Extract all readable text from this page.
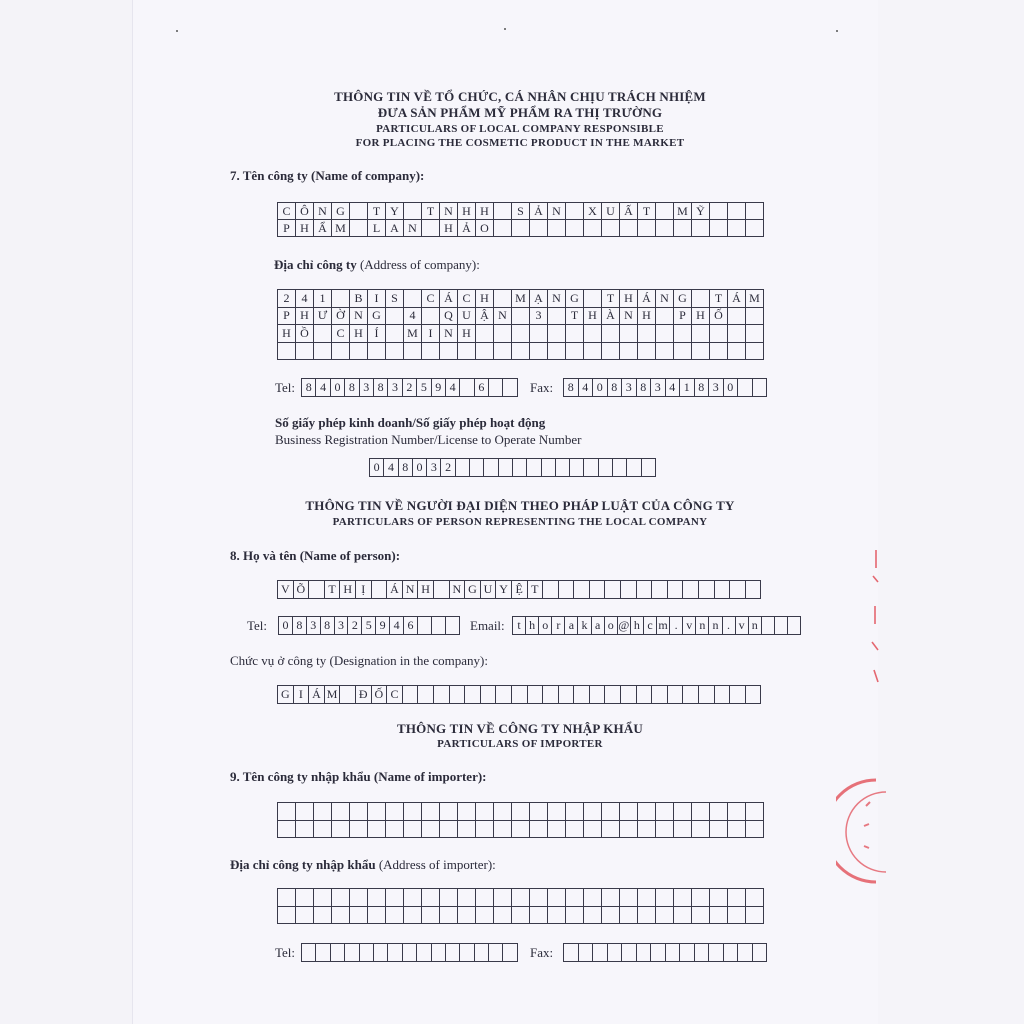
THÔNG TIN VỀ TỔ CHỨC, CÁ NHÂN CHỊU TRÁCH NHIỆM
ĐƯA SẢN PHẨM MỸ PHẨM RA THỊ TRƯỜNG
PARTICULARS OF LOCAL COMPANY RESPONSIBLE
FOR PLACING THE COSMETIC PRODUCT IN THE MARKET
7. Tên công ty (Name of company):
C Ô N G	T Y	T N H H	S Ả N	X U Ấ T	M Ỹ
P H Ẩ M	L A N	H Ả O
Địa chỉ công ty (Address of company):
2	4	1	B	I	S	C Á C H	M Ạ N G	T H Á N G	T Á M
P H Ư Ờ N G	4	Q U Ậ N	3	T H À N H	P H Ố
H Ồ	C H Í	M I N H
Tel: 8 4 0 8 3 8 3 2 5 9 4	6	Fax:	8 4 0 8 3 8 3 4 1 8 3 0
Số giấy phép kinh doanh/Số giấy phép hoạt động
Business Registration Number/License to Operate Number
0 4 8 0 3 2
THÔNG TIN VỀ NGƯỜI ĐẠI DIỆN THEO PHÁP LUẬT CỦA CÔNG TY
PARTICULARS OF PERSON REPRESENTING THE LOCAL COMPANY
8. Họ và tên (Name of person):
V Õ	T H Ị	Á N H	N G U Y Ệ T
Tel: 0 8 3 8 3 2 5 9 4 6	Email:	t h o r a k a o @ h c m . v n n . v n
Chức vụ ở công ty (Designation in the company):
G I Á M Đ Ố C
THÔNG TIN VỀ CÔNG TY NHẬP KHẨU
PARTICULARS OF IMPORTER
9. Tên công ty nhập khẩu (Name of importer):
Địa chỉ công ty nhập khẩu (Address of importer):
Tel:	Fax:
